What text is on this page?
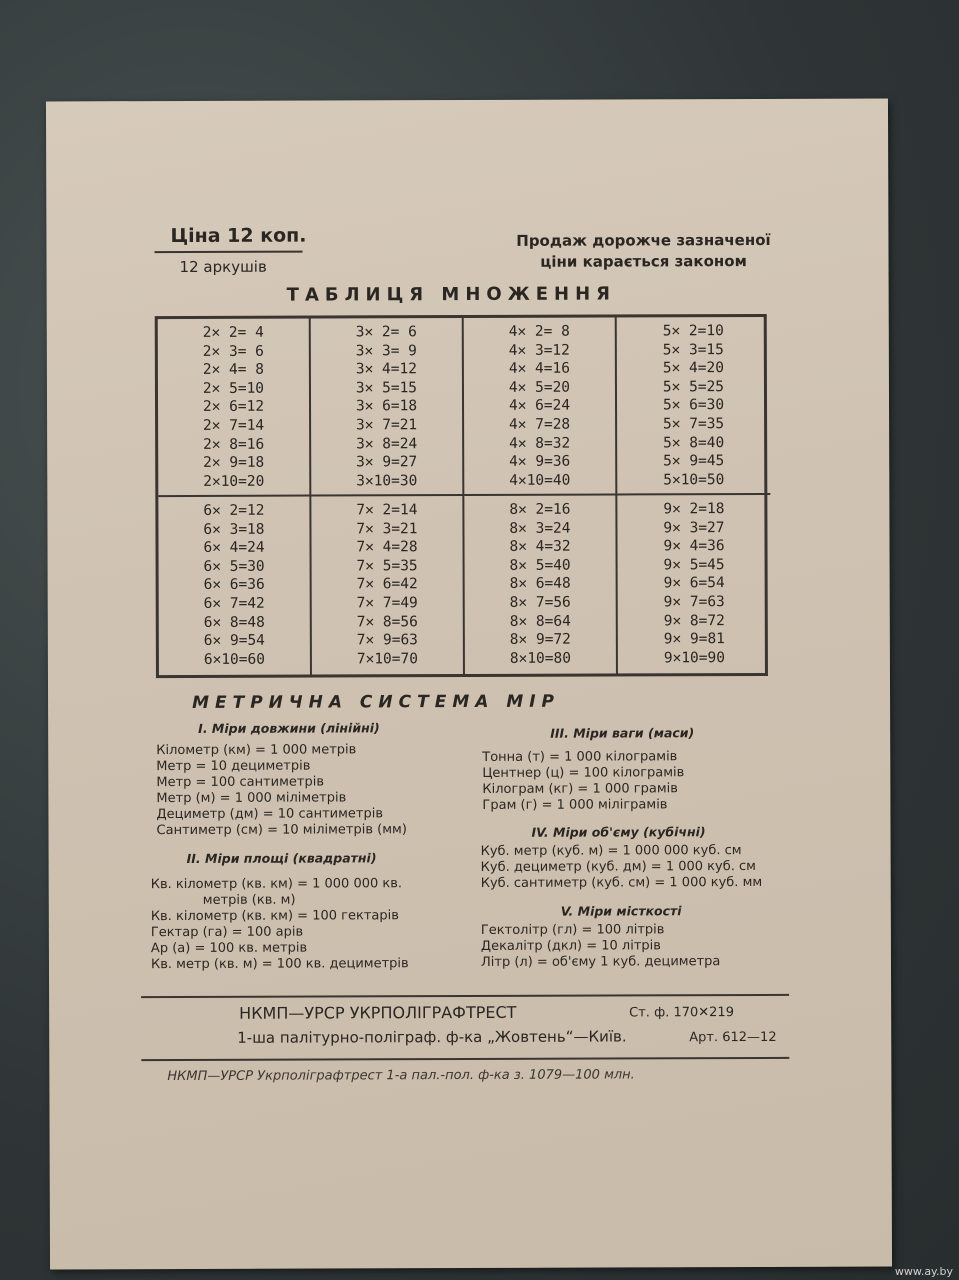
Ціна 12 коп.
12 аркушів
Продаж дорожче зазначеної
ціни карається законом
ТАБЛИЦЯ МНОЖЕННЯ
2✕ 2= 4
2✕ 3= 6
2✕ 4= 8
2✕ 5=10
2✕ 6=12
2✕ 7=14
2✕ 8=16
2✕ 9=18
2✕10=20
3✕ 2= 6
3✕ 3= 9
3✕ 4=12
3✕ 5=15
3✕ 6=18
3✕ 7=21
3✕ 8=24
3✕ 9=27
3✕10=30
4✕ 2= 8
4✕ 3=12
4✕ 4=16
4✕ 5=20
4✕ 6=24
4✕ 7=28
4✕ 8=32
4✕ 9=36
4✕10=40
5✕ 2=10
5✕ 3=15
5✕ 4=20
5✕ 5=25
5✕ 6=30
5✕ 7=35
5✕ 8=40
5✕ 9=45
5✕10=50
6✕ 2=12
6✕ 3=18
6✕ 4=24
6✕ 5=30
6✕ 6=36
6✕ 7=42
6✕ 8=48
6✕ 9=54
6✕10=60
7✕ 2=14
7✕ 3=21
7✕ 4=28
7✕ 5=35
7✕ 6=42
7✕ 7=49
7✕ 8=56
7✕ 9=63
7✕10=70
8✕ 2=16
8✕ 3=24
8✕ 4=32
8✕ 5=40
8✕ 6=48
8✕ 7=56
8✕ 8=64
8✕ 9=72
8✕10=80
9✕ 2=18
9✕ 3=27
9✕ 4=36
9✕ 5=45
9✕ 6=54
9✕ 7=63
9✕ 8=72
9✕ 9=81
9✕10=90
МЕТРИЧНА СИСТЕМА МІР
I. Міри довжини (лінійні)
Кілометр (км) = 1 000 метрів
Метр = 10 дециметрів
Метр = 100 сантиметрів
Метр (м) = 1 000 міліметрів
Дециметр (дм) = 10 сантиметрів
Сантиметр (см) = 10 міліметрів (мм)
II. Міри площі (квадратні)
Кв. кілометр (кв. км) = 1 000 000 кв.
метрів (кв. м)
Кв. кілометр (кв. км) = 100 гектарів
Гектар (га) = 100 арів
Ар (а) = 100 кв. метрів
Кв. метр (кв. м) = 100 кв. дециметрів
III. Міри ваги (маси)
Тонна (т) = 1 000 кілограмів
Центнер (ц) = 100 кілограмів
Кілограм (кг) = 1 000 грамів
Грам (г) = 1 000 міліграмів
IV. Міри об'єму (кубічні)
Куб. метр (куб. м) = 1 000 000 куб. см
Куб. дециметр (куб. дм) = 1 000 куб. см
Куб. сантиметр (куб. см) = 1 000 куб. мм
V. Міри місткості
Гектолітр (гл) = 100 літрів
Декалітр (дкл) = 10 літрів
Літр (л) = об'єму 1 куб. дециметра
НКМП—УРСР УКРПОЛІГРАФТРЕСТ	Ст. ф. 170✕219
1-ша палітурно-поліграф. ф-ка „Жовтень“—Київ.	Арт. 612—12
НКМП—УРСР Укрполіграфтрест 1-а пал.-пол. ф-ка з. 1079—100 млн.
www.ay.by
